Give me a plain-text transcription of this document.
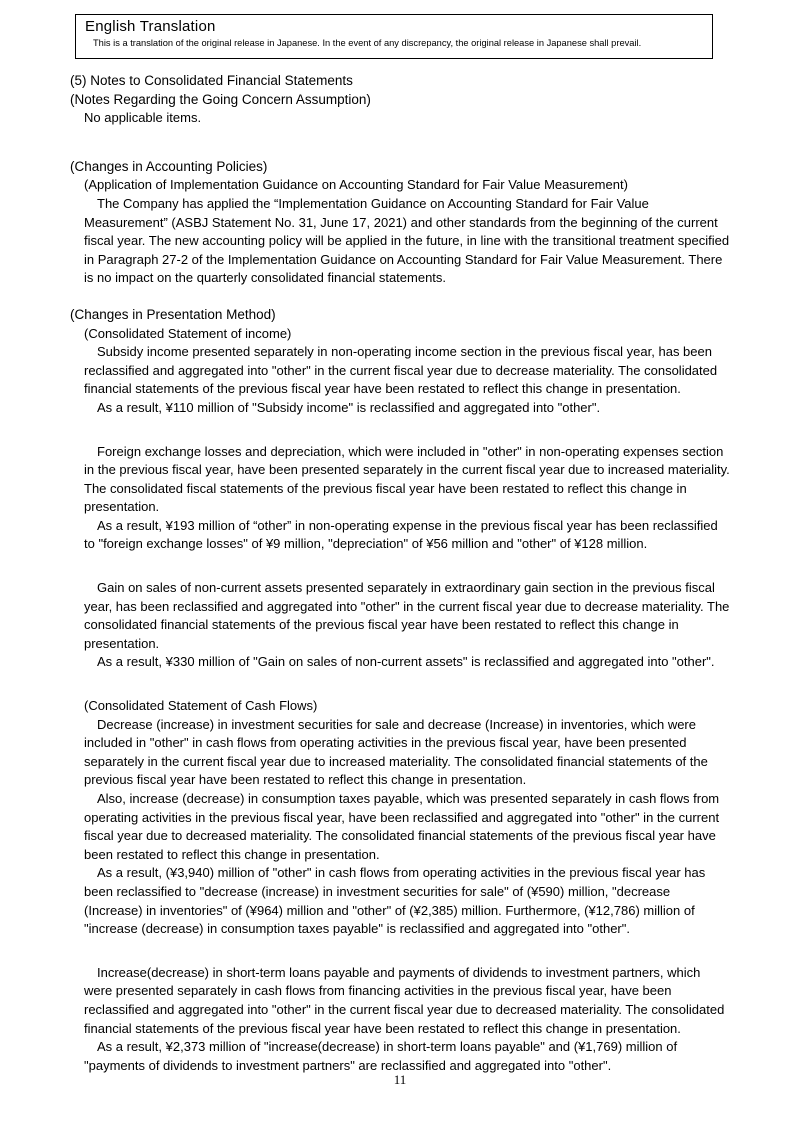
English Translation
This is a translation of the original release in Japanese. In the event of any discrepancy, the original release in Japanese shall prevail.
(5) Notes to Consolidated Financial Statements
(Notes Regarding the Going Concern Assumption)
No applicable items.
(Changes in Accounting Policies)
(Application of Implementation Guidance on Accounting Standard for Fair Value Measurement)
The Company has applied the “Implementation Guidance on Accounting Standard for Fair Value Measurement” (ASBJ Statement No. 31, June 17, 2021) and other standards from the beginning of the current fiscal year. The new accounting policy will be applied in the future, in line with the transitional treatment specified in Paragraph 27-2 of the Implementation Guidance on Accounting Standard for Fair Value Measurement. There is no impact on the quarterly consolidated financial statements.
(Changes in Presentation Method)
(Consolidated Statement of income)
Subsidy income presented separately in non-operating income section in the previous fiscal year, has been reclassified and aggregated into "other" in the current fiscal year due to decrease materiality. The consolidated financial statements of the previous fiscal year have been restated to reflect this change in presentation.
As a result, ¥110 million of "Subsidy income" is reclassified and aggregated into "other".
Foreign exchange losses and depreciation, which were included in "other" in non-operating expenses section in the previous fiscal year, have been presented separately in the current fiscal year due to increased materiality. The consolidated fiscal statements of the previous fiscal year have been restated to reflect this change in presentation.
As a result, ¥193 million of “other” in non-operating expense in the previous fiscal year has been reclassified to "foreign exchange losses" of ¥9 million, "depreciation" of ¥56 million and "other" of ¥128 million.
Gain on sales of non-current assets presented separately in extraordinary gain section in the previous fiscal year, has been reclassified and aggregated into "other" in the current fiscal year due to decrease materiality. The consolidated financial statements of the previous fiscal year have been restated to reflect this change in presentation.
As a result, ¥330 million of "Gain on sales of non-current assets" is reclassified and aggregated into "other".
(Consolidated Statement of Cash Flows)
Decrease (increase) in investment securities for sale and decrease (Increase) in inventories, which were included in "other" in cash flows from operating activities in the previous fiscal year, have been presented separately in the current fiscal year due to increased materiality. The consolidated financial statements of the previous fiscal year have been restated to reflect this change in presentation.
Also, increase (decrease) in consumption taxes payable, which was presented separately in cash flows from operating activities in the previous fiscal year, have been reclassified and aggregated into "other" in the current fiscal year due to decreased materiality. The consolidated financial statements of the previous fiscal year have been restated to reflect this change in presentation.
As a result, (¥3,940) million of "other" in cash flows from operating activities in the previous fiscal year has been reclassified to "decrease (increase) in investment securities for sale" of (¥590) million, "decrease (Increase) in inventories" of (¥964) million and "other" of (¥2,385) million. Furthermore, (¥12,786) million of "increase (decrease) in consumption taxes payable" is reclassified and aggregated into "other".
Increase(decrease) in short-term loans payable and payments of dividends to investment partners, which were presented separately in cash flows from financing activities in the previous fiscal year, have been reclassified and aggregated into "other" in the current fiscal year due to decreased materiality. The consolidated financial statements of the previous fiscal year have been restated to reflect this change in presentation.
As a result, ¥2,373 million of "increase(decrease) in short-term loans payable" and (¥1,769) million of "payments of dividends to investment partners" are reclassified and aggregated into "other".
11
